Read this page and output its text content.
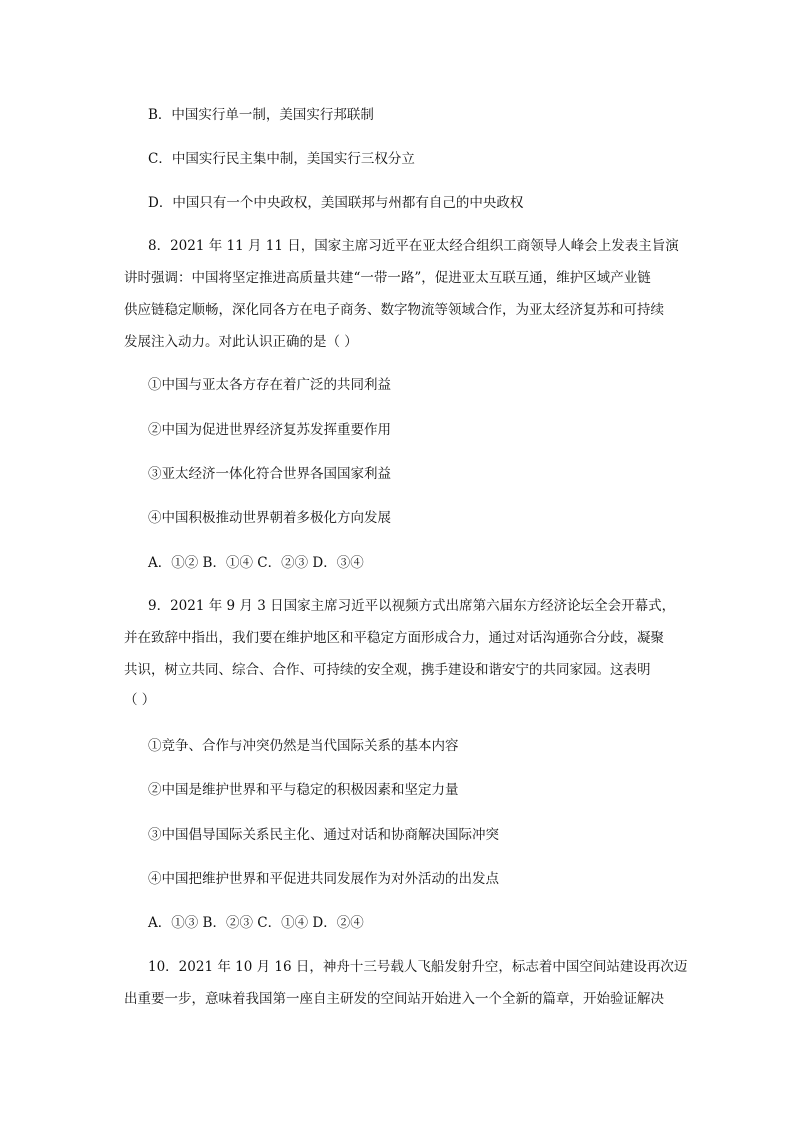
B．中国实行单一制，美国实行邦联制
C．中国实行民主集中制，美国实行三权分立
D．中国只有一个中央政权，美国联邦与州都有自己的中央政权
8．2021 年 11 月 11 日，国家主席习近平在亚太经合组织工商领导人峰会上发表主旨演
讲时强调：中国将坚定推进高质量共建“一带一路”，促进亚太互联互通，维护区域产业链
供应链稳定顺畅，深化同各方在电子商务、数字物流等领域合作，为亚太经济复苏和可持续
发展注入动力。对此认识正确的是（ ）
①中国与亚太各方存在着广泛的共同利益
②中国为促进世界经济复苏发挥重要作用
③亚太经济一体化符合世界各国国家利益
④中国积极推动世界朝着多极化方向发展
A．①② B．①④ C．②③ D．③④
9．2021 年 9 月 3 日国家主席习近平以视频方式出席第六届东方经济论坛全会开幕式，
并在致辞中指出，我们要在维护地区和平稳定方面形成合力，通过对话沟通弥合分歧，凝聚
共识，树立共同、综合、合作、可持续的安全观，携手建设和谐安宁的共同家园。这表明
（ ）
①竞争、合作与冲突仍然是当代国际关系的基本内容
②中国是维护世界和平与稳定的积极因素和坚定力量
③中国倡导国际关系民主化、通过对话和协商解决国际冲突
④中国把维护世界和平促进共同发展作为对外活动的出发点
A．①③ B．②③ C．①④ D．②④
10．2021 年 10 月 16 日，神舟十三号载人飞船发射升空，标志着中国空间站建设再次迈
出重要一步，意味着我国第一座自主研发的空间站开始进入一个全新的篇章，开始验证解决
